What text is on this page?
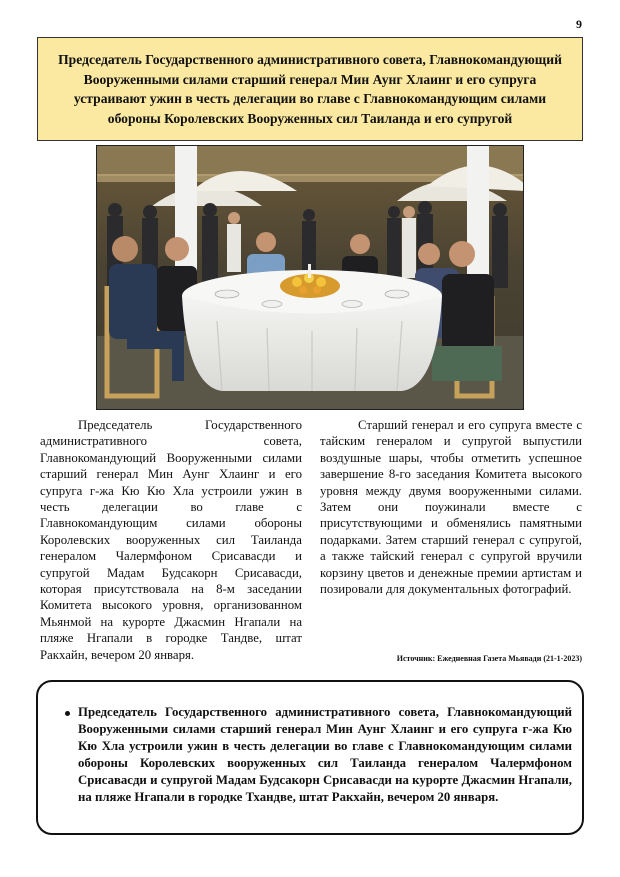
9
Председатель Государственного административного совета, Главнокомандующий Вооруженными силами старший генерал Мин Аунг Хлаинг и его супруга устраивают ужин в честь делегации во главе с Главнокомандующим силами обороны Королевских Вооруженных сил Таиланда и его супругой

Председатель Государственного административного совета, Главнокомандующий Вооруженными силами старший генерал Мин Аунг Хлаинг и его супруга г-жа Кю Кю Хла устроили ужин в честь делегации во главе с Главнокомандующим силами обороны Королевских вооруженных сил Таиланда генералом Чалермфоном Срисавасди и супругой Мадам Будсакорн Срисавасди, которая присутствовала на 8-м заседании Комитета высокого уровня, организованном Мьянмой на курорте Джасмин Нгапали на пляже Нгапали в городке Тандве, штат Ракхайн, вечером 20 января.

Старший генерал и его супруга вместе с тайским генералом и супругой выпустили воздушные шары, чтобы отметить успешное завершение 8-го заседания Комитета высокого уровня между двумя вооруженными силами. Затем они поужинали вместе с присутствующими и обменялись памятными подарками. Затем старший генерал с супругой, а также тайский генерал с супругой вручили корзину цветов и денежные премии артистам и позировали для документальных фотографий.

Источник: Ежедневная Газета Мьявади (21-1-2023)
Председатель Государственного административного совета, Главнокомандующий Вооруженными силами старший генерал Мин Аунг Хлаинг и его супруга г-жа Кю Кю Хла устроили ужин в честь делегации во главе с Главнокомандующим силами обороны Королевских вооруженных сил Таиланда генералом Чалермфоном Срисавасди и супругой Мадам Будсакорн Срисавасди на курорте Джасмин Нгапали, на пляже Нгапали в городке Тхандве, штат Ракхайн, вечером 20 января.
